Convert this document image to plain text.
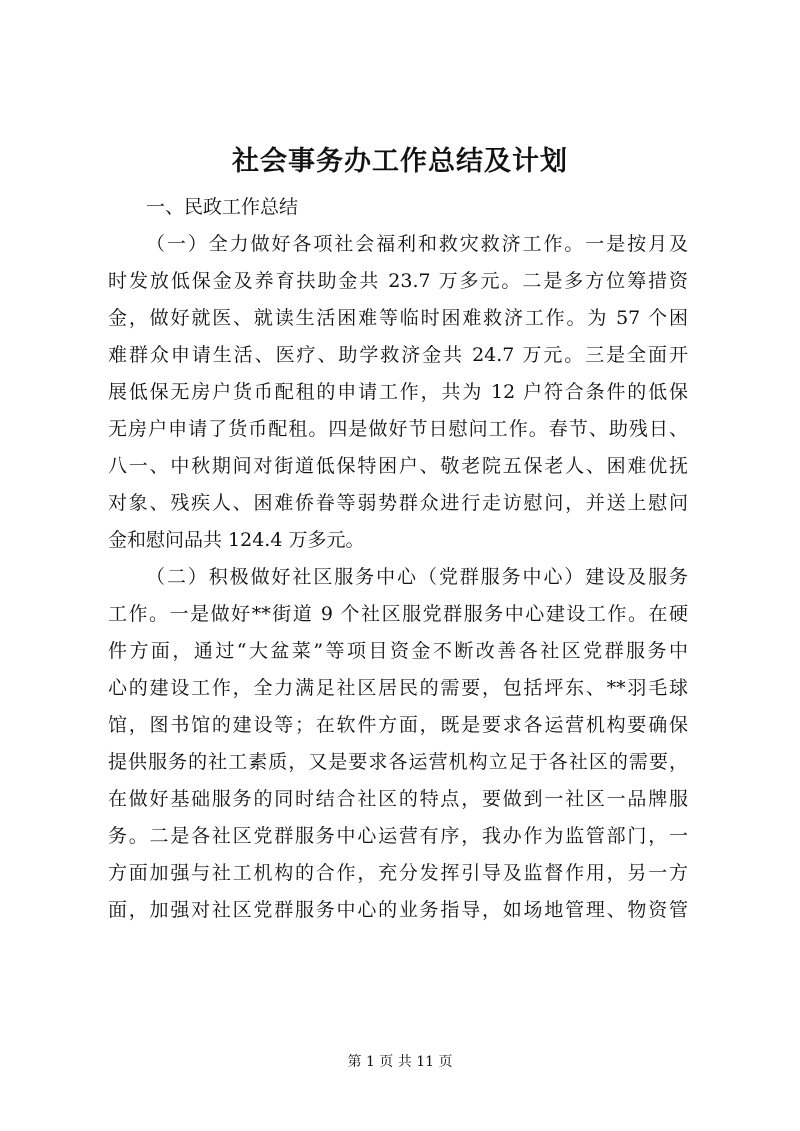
社会事务办工作总结及计划
一、民政工作总结
（一）全力做好各项社会福利和救灾救济工作。一是按月及
时发放低保金及养育扶助金共 23.7 万多元。二是多方位筹措资
金，做好就医、就读生活困难等临时困难救济工作。为 57 个困
难群众申请生活、医疗、助学救济金共 24.7 万元。三是全面开
展低保无房户货币配租的申请工作，共为 12 户符合条件的低保
无房户申请了货币配租。四是做好节日慰问工作。春节、助残日、
八一、中秋期间对街道低保特困户、敬老院五保老人、困难优抚
对象、残疾人、困难侨眷等弱势群众进行走访慰问，并送上慰问
金和慰问品共 124.4 万多元。
（二）积极做好社区服务中心（党群服务中心）建设及服务
工作。一是做好**街道 9 个社区服党群服务中心建设工作。在硬
件方面，通过“大盆菜”等项目资金不断改善各社区党群服务中
心的建设工作，全力满足社区居民的需要，包括坪东、**羽毛球
馆，图书馆的建设等；在软件方面，既是要求各运营机构要确保
提供服务的社工素质，又是要求各运营机构立足于各社区的需要，
在做好基础服务的同时结合社区的特点，要做到一社区一品牌服
务。二是各社区党群服务中心运营有序，我办作为监管部门，一
方面加强与社工机构的合作，充分发挥引导及监督作用，另一方
面，加强对社区党群服务中心的业务指导，如场地管理、物资管
第 1 页 共 11 页
